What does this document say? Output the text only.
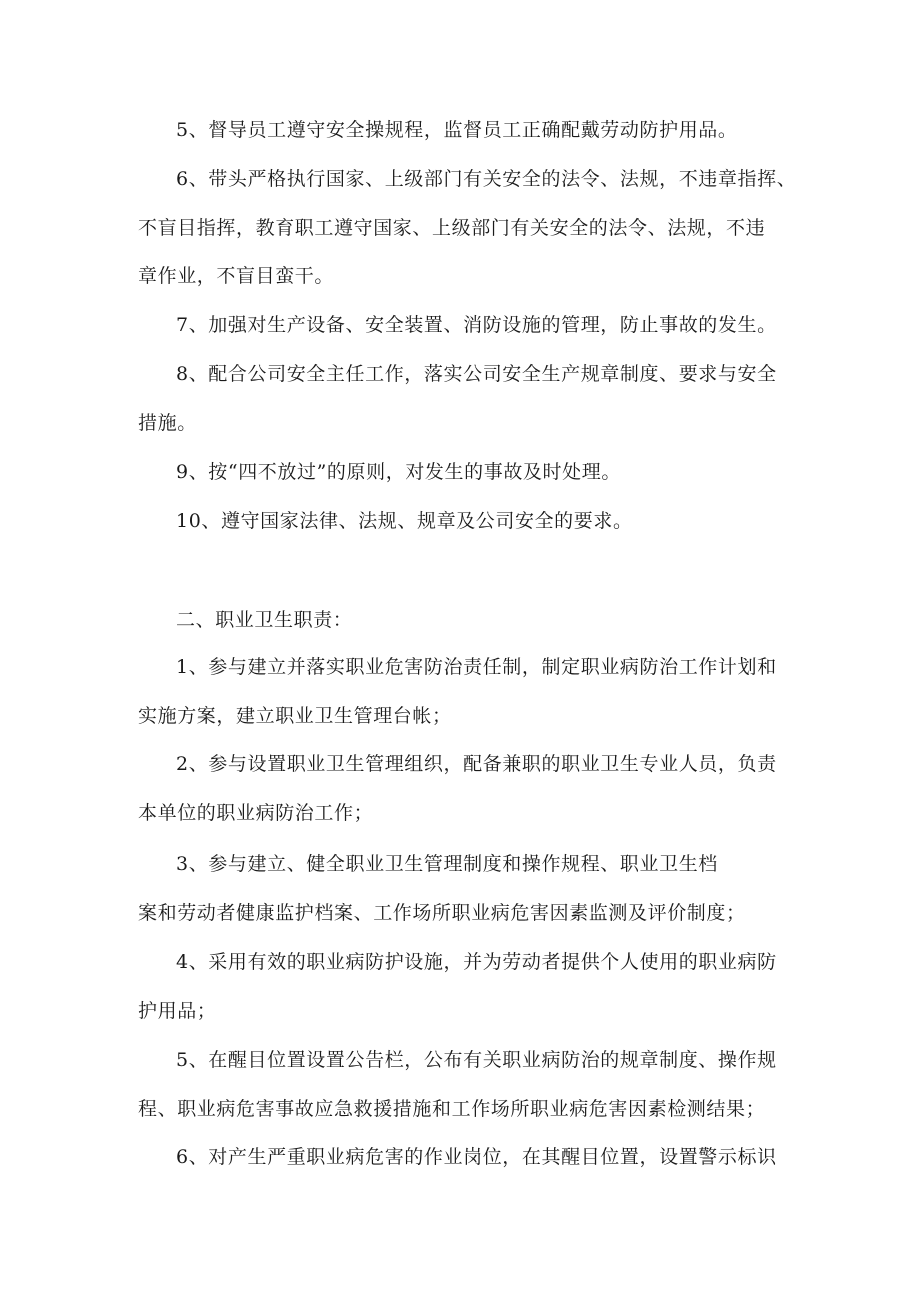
5、督导员工遵守安全操规程，监督员工正确配戴劳动防护用品。
6、带头严格执行国家、上级部门有关安全的法令、法规，不违章指挥、
不盲目指挥，教育职工遵守国家、上级部门有关安全的法令、法规，不违
章作业，不盲目蛮干。
7、加强对生产设备、安全装置、消防设施的管理，防止事故的发生。
8、配合公司安全主任工作，落实公司安全生产规章制度、要求与安全
措施。
9、按“四不放过”的原则，对发生的事故及时处理。
10、遵守国家法律、法规、规章及公司安全的要求。
二、职业卫生职责：
1、参与建立并落实职业危害防治责任制，制定职业病防治工作计划和
实施方案，建立职业卫生管理台帐；
2、参与设置职业卫生管理组织，配备兼职的职业卫生专业人员，负责
本单位的职业病防治工作；
3、参与建立、健全职业卫生管理制度和操作规程、职业卫生档
案和劳动者健康监护档案、工作场所职业病危害因素监测及评价制度；
4、采用有效的职业病防护设施，并为劳动者提供个人使用的职业病防
护用品；
5、在醒目位置设置公告栏，公布有关职业病防治的规章制度、操作规
程、职业病危害事故应急救援措施和工作场所职业病危害因素检测结果；
6、对产生严重职业病危害的作业岗位，在其醒目位置，设置警示标识
